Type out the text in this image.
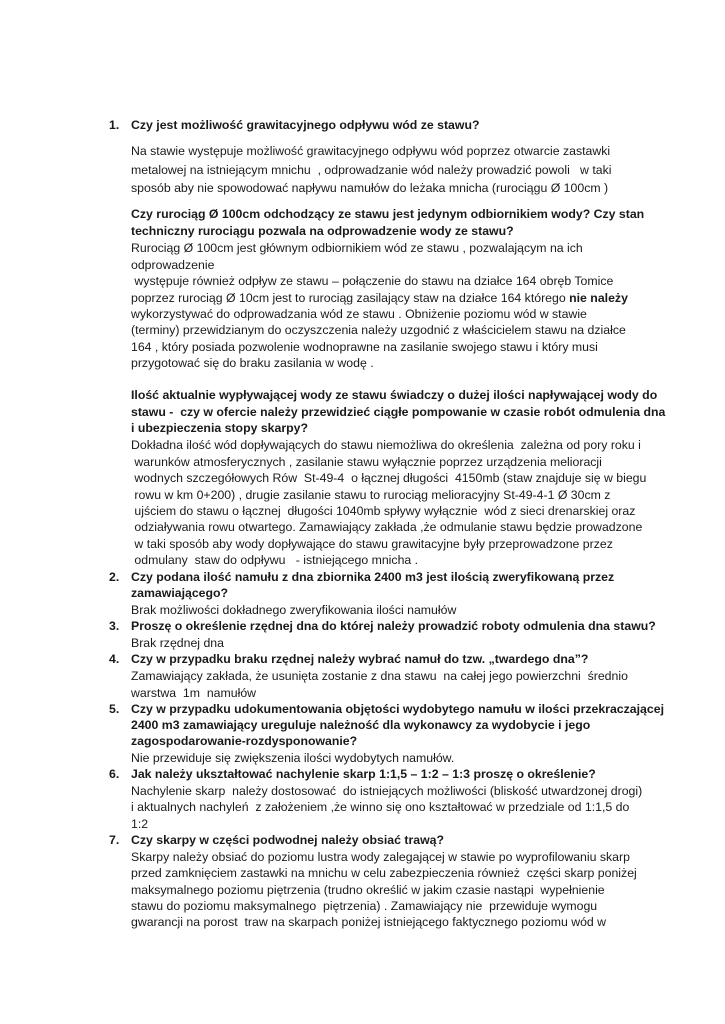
1. Czy jest możliwość grawitacyjnego odpływu wód ze stawu?
Na stawie występuje możliwość grawitacyjnego odpływu wód poprzez otwarcie zastawki
metalowej na istniejącym mnichu  , odprowadzanie wód należy prowadzić powoli   w taki
sposób aby nie spowodować napływu namułów do leżaka mnicha (rurociągu Ø 100cm )
Czy rurociąg Ø 100cm odchodzący ze stawu jest jedynym odbiornikiem wody? Czy stan
techniczny rurociągu pozwala na odprowadzenie wody ze stawu?
Rurociąg Ø 100cm jest głównym odbiornikiem wód ze stawu , pozwalającym na ich
odprowadzenie
występuje również odpływ ze stawu – połączenie do stawu na działce 164 obręb Tomice
poprzez rurociąg Ø 10cm jest to rurociąg zasilający staw na działce 164 którego nie należy
wykorzystywać do odprowadzania wód ze stawu . Obniżenie poziomu wód w stawie
(terminy) przewidzianym do oczyszczenia należy uzgodnić z właścicielem stawu na działce
164 , który posiada pozwolenie wodnoprawne na zasilanie swojego stawu i który musi
przygotować się do braku zasilania w wodę .
Ilość aktualnie wypływającej wody ze stawu świadczy o dużej ilości napływającej wody do
stawu -  czy w ofercie należy przewidzieć ciągłe pompowanie w czasie robót odmulenia dna
i ubezpieczenia stopy skarpy?
Dokładna ilość wód dopływających do stawu niemożliwa do określenia  zależna od pory roku i
warunków atmosferycznych , zasilanie stawu wyłącznie poprzez urządzenia melioracji
wodnych szczegółowych Rów  St-49-4  o łącznej długości  4150mb (staw znajduje się w biegu
rowu w km 0+200) , drugie zasilanie stawu to rurociąg melioracyjny St-49-4-1 Ø 30cm z
ujściem do stawu o łącznej  długości 1040mb spływy wyłącznie  wód z sieci drenarskiej oraz
odziaływania rowu otwartego. Zamawiający zakłada ,że odmulanie stawu będzie prowadzone
w taki sposób aby wody dopływające do stawu grawitacyjne były przeprowadzone przez
odmulany  staw do odpływu   - istniejącego mnicha .
2. Czy podana ilość namułu z dna zbiornika 2400 m3 jest ilością zweryfikowaną przez
zamawiającego?
Brak możliwości dokładnego zweryfikowania ilości namułów
3. Proszę o określenie rzędnej dna do której należy prowadzić roboty odmulenia dna stawu?
Brak rzędnej dna
4. Czy w przypadku braku rzędnej należy wybrać namuł do tzw. „twardego dna”?
Zamawiający zakłada, że usunięta zostanie z dna stawu  na całej jego powierzchni  średnio
warstwa  1m  namułów
5. Czy w przypadku udokumentowania objętości wydobytego namułu w ilości przekraczającej
2400 m3 zamawiający ureguluje należność dla wykonawcy za wydobycie i jego
zagospodarowanie-rozdysponowanie?
Nie przewiduje się zwiększenia ilości wydobytych namułów.
6. Jak należy ukształtować nachylenie skarp 1:1,5 – 1:2 – 1:3 proszę o określenie?
Nachylenie skarp  należy dostosować  do istniejących możliwości (bliskość utwardzonej drogi)
i aktualnych nachyleń  z założeniem ,że winno się ono kształtować w przedziale od 1:1,5 do
1:2
7. Czy skarpy w części podwodnej należy obsiać trawą?
Skarpy należy obsiać do poziomu lustra wody zalegającej w stawie po wyprofilowaniu skarp
przed zamknięciem zastawki na mnichu w celu zabezpieczenia również  części skarp poniżej
maksymalnego poziomu piętrzenia (trudno określić w jakim czasie nastąpi  wypełnienie
stawu do poziomu maksymalnego  piętrzenia) . Zamawiający nie  przewiduje wymogu
gwarancji na porost  traw na skarpach poniżej istniejącego faktycznego poziomu wód w
